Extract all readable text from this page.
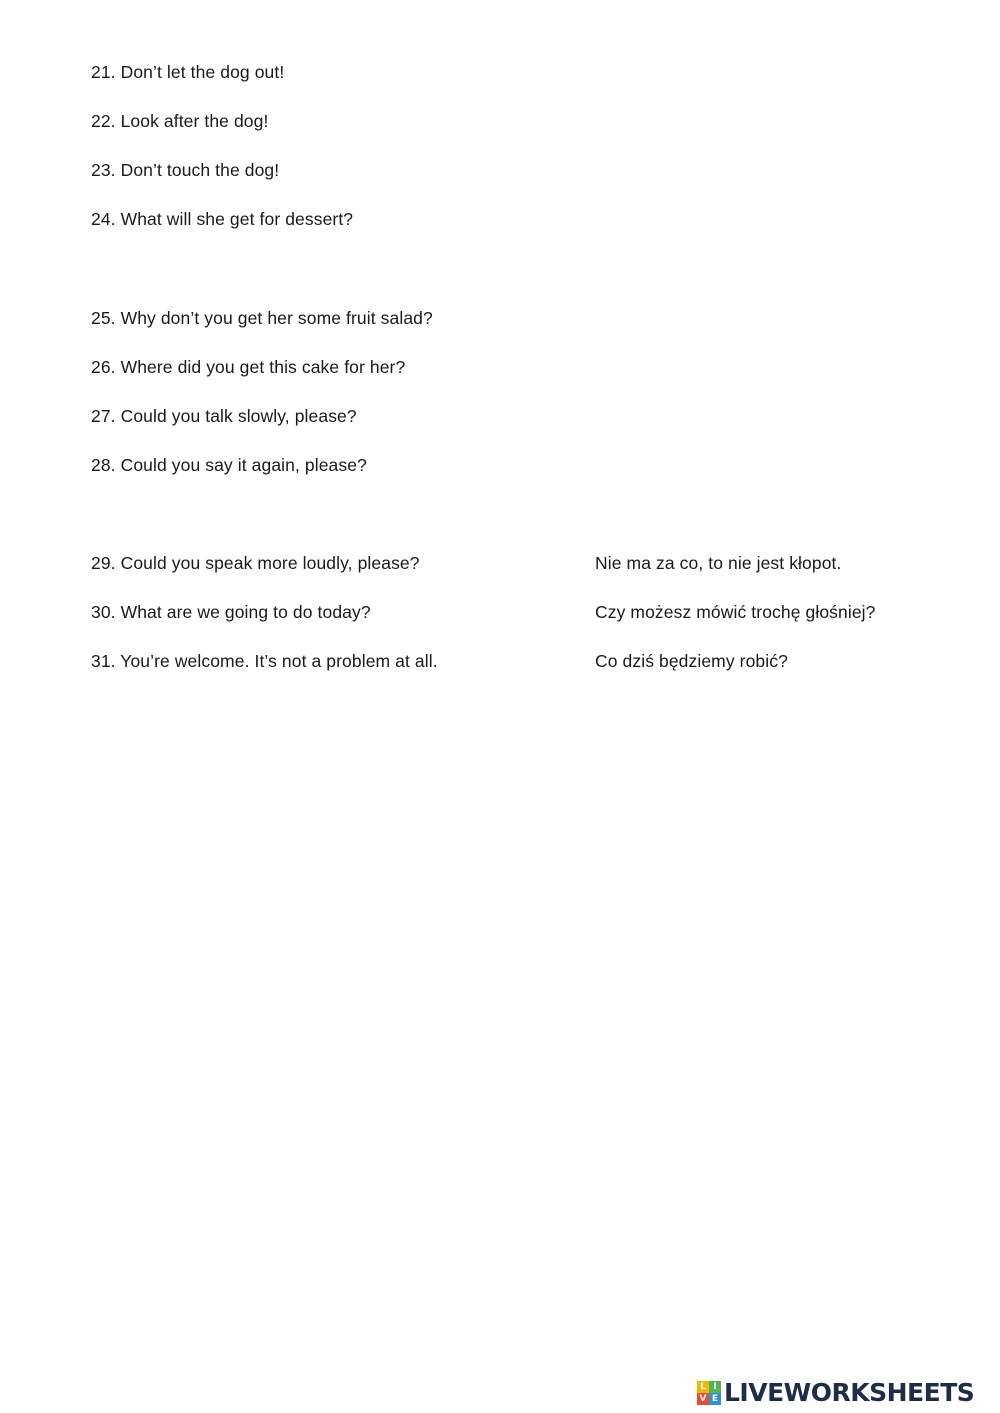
21. Don’t let the dog out!
22. Look after the dog!
23. Don’t touch the dog!
24. What will she get for dessert?
25. Why don’t you get her some fruit salad?
26. Where did you get this cake for her?
27. Could you talk slowly, please?
28. Could you say it again, please?
29. Could you speak more loudly, please?
30. What are we going to do today?
31. You’re welcome. It’s not a problem at all.
Nie ma za co, to nie jest kłopot.
Czy możesz mówić trochę głośniej?
Co dziś będziemy robić?
L I
V E LIVEWORKSHEETS
